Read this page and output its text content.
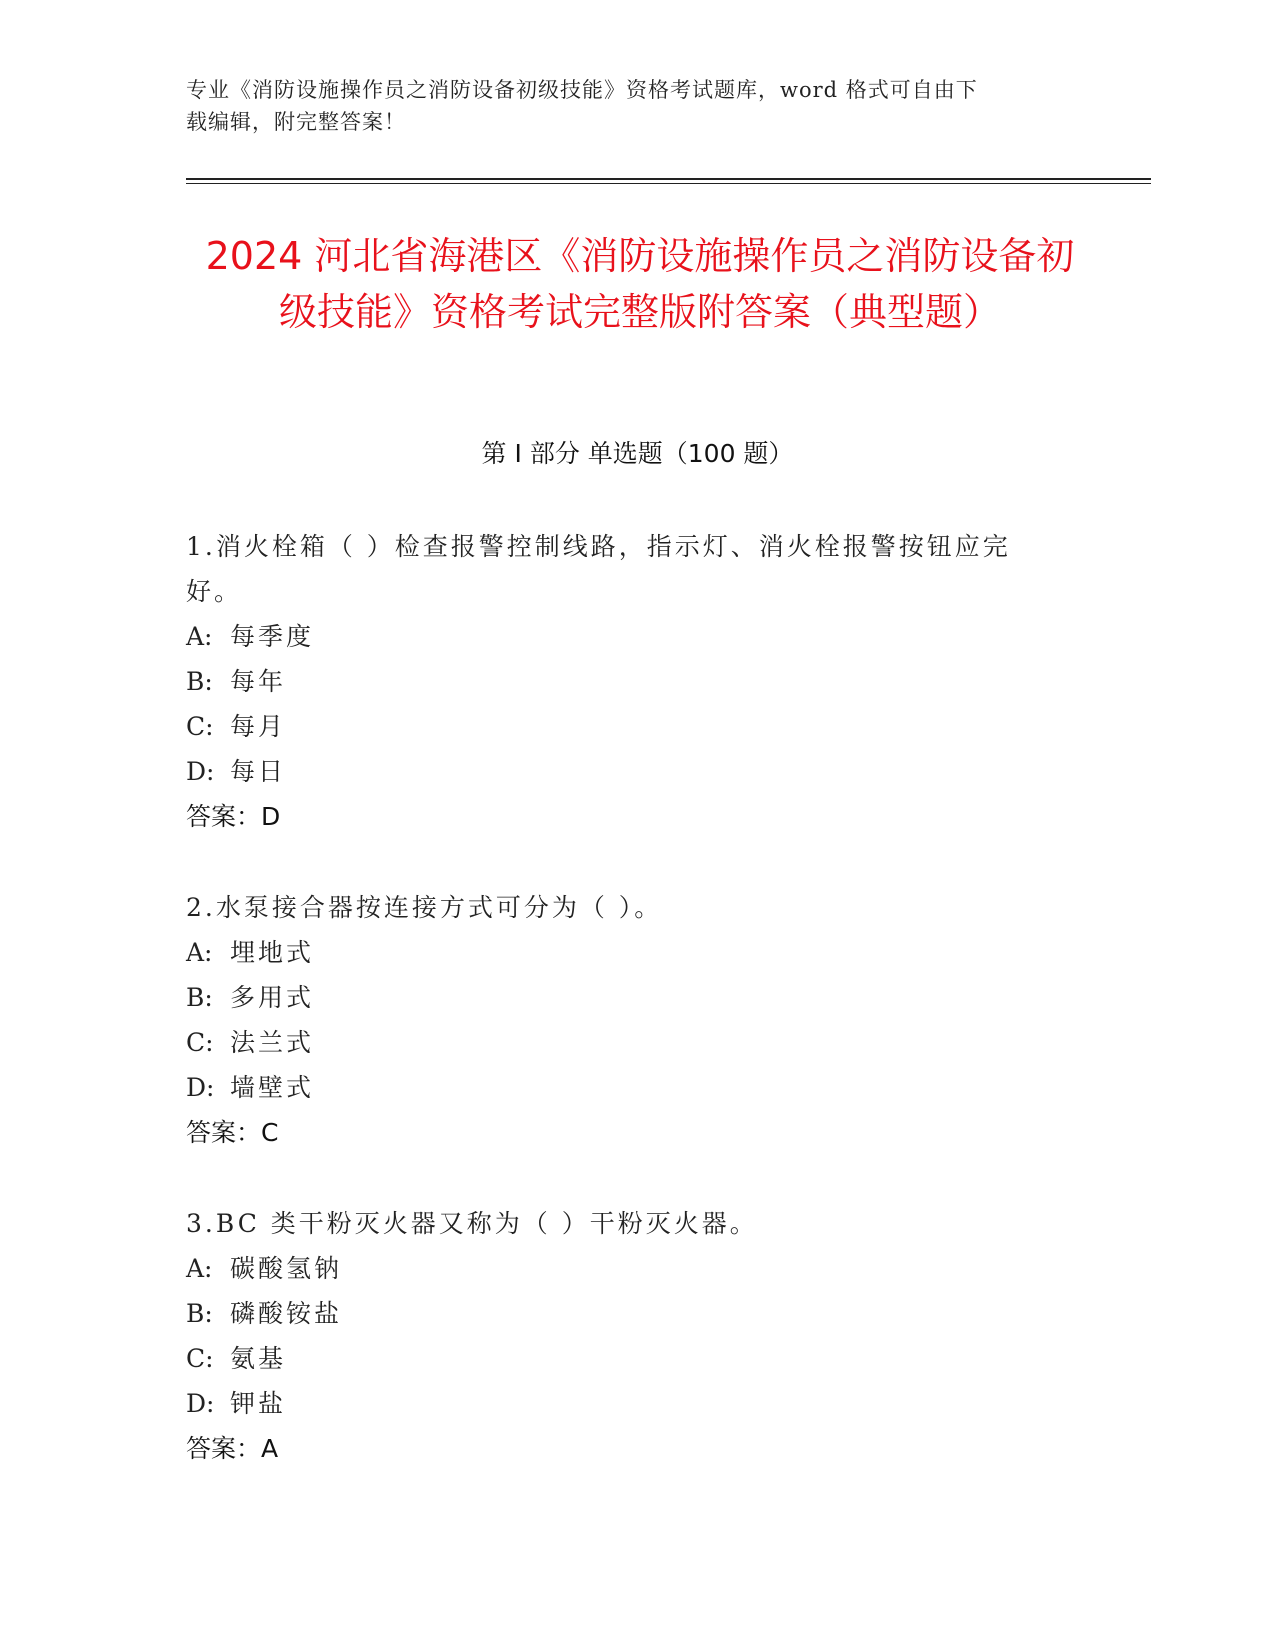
专业《消防设施操作员之消防设备初级技能》资格考试题库，word 格式可自由下
载编辑，附完整答案！
2024 河北省海港区《消防设施操作员之消防设备初级技能》资格考试完整版附答案（典型题）
第 I 部分 单选题（100 题）
1.消火栓箱（ ）检查报警控制线路，指示灯、消火栓报警按钮应完好。
A: 每季度
B: 每年
C: 每月
D: 每日
答案：D
2.水泵接合器按连接方式可分为（ ）。
A: 埋地式
B: 多用式
C: 法兰式
D: 墙壁式
答案：C
3.BC 类干粉灭火器又称为（ ）干粉灭火器。
A: 碳酸氢钠
B: 磷酸铵盐
C: 氨基
D: 钾盐
答案：A
